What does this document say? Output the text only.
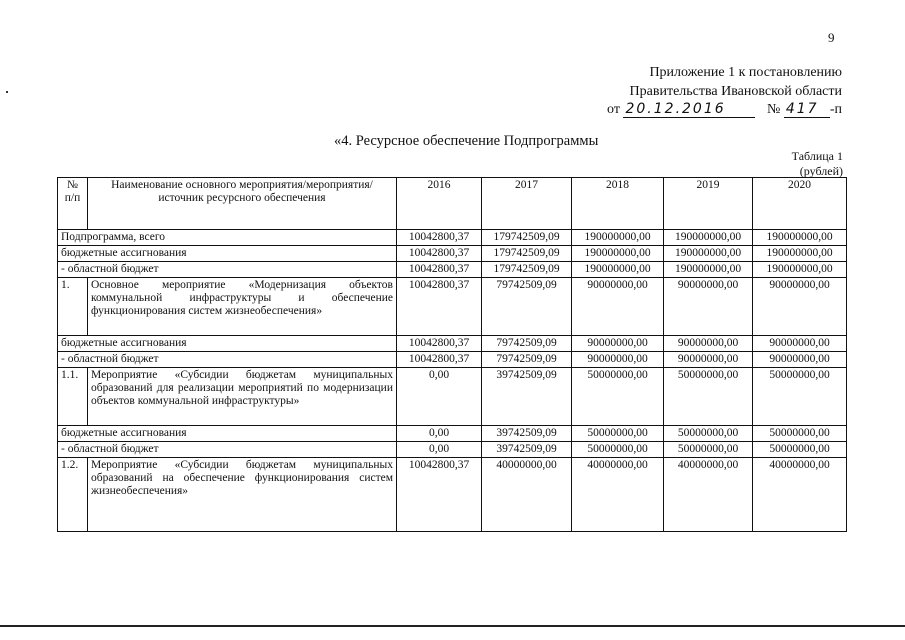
9
Приложение 1 к постановлению
Правительства Ивановской области
от 20.12.2016	№ 417 -п
«4. Ресурсное обеспечение Подпрограммы
Таблица 1
(рублей)
№ п/п	Наименование основного мероприятия/мероприятия/источник ресурсного обеспечения	2016	2017	2018	2019	2020
Подпрограмма, всего		10042800,37	179742509,09	190000000,00	190000000,00	190000000,00
бюджетные ассигнования		10042800,37	179742509,09	190000000,00	190000000,00	190000000,00
- областной бюджет		10042800,37	179742509,09	190000000,00	190000000,00	190000000,00
1.	Основное мероприятие «Модернизация объектов коммунальной инфраструктуры и обеспечение функционирования систем жизнеобеспечения»	10042800,37	79742509,09	90000000,00	90000000,00	90000000,00
бюджетные ассигнования		10042800,37	79742509,09	90000000,00	90000000,00	90000000,00
- областной бюджет		10042800,37	79742509,09	90000000,00	90000000,00	90000000,00
1.1.	Мероприятие «Субсидии бюджетам муниципальных образований для реализации мероприятий по модернизации объектов коммунальной инфраструктуры»	0,00	39742509,09	50000000,00	50000000,00	50000000,00
бюджетные ассигнования		0,00	39742509,09	50000000,00	50000000,00	50000000,00
- областной бюджет		0,00	39742509,09	50000000,00	50000000,00	50000000,00
1.2.	Мероприятие «Субсидии бюджетам муниципальных образований на обеспечение функционирования систем жизнеобеспечения»	10042800,37	40000000,00	40000000,00	40000000,00	40000000,00
